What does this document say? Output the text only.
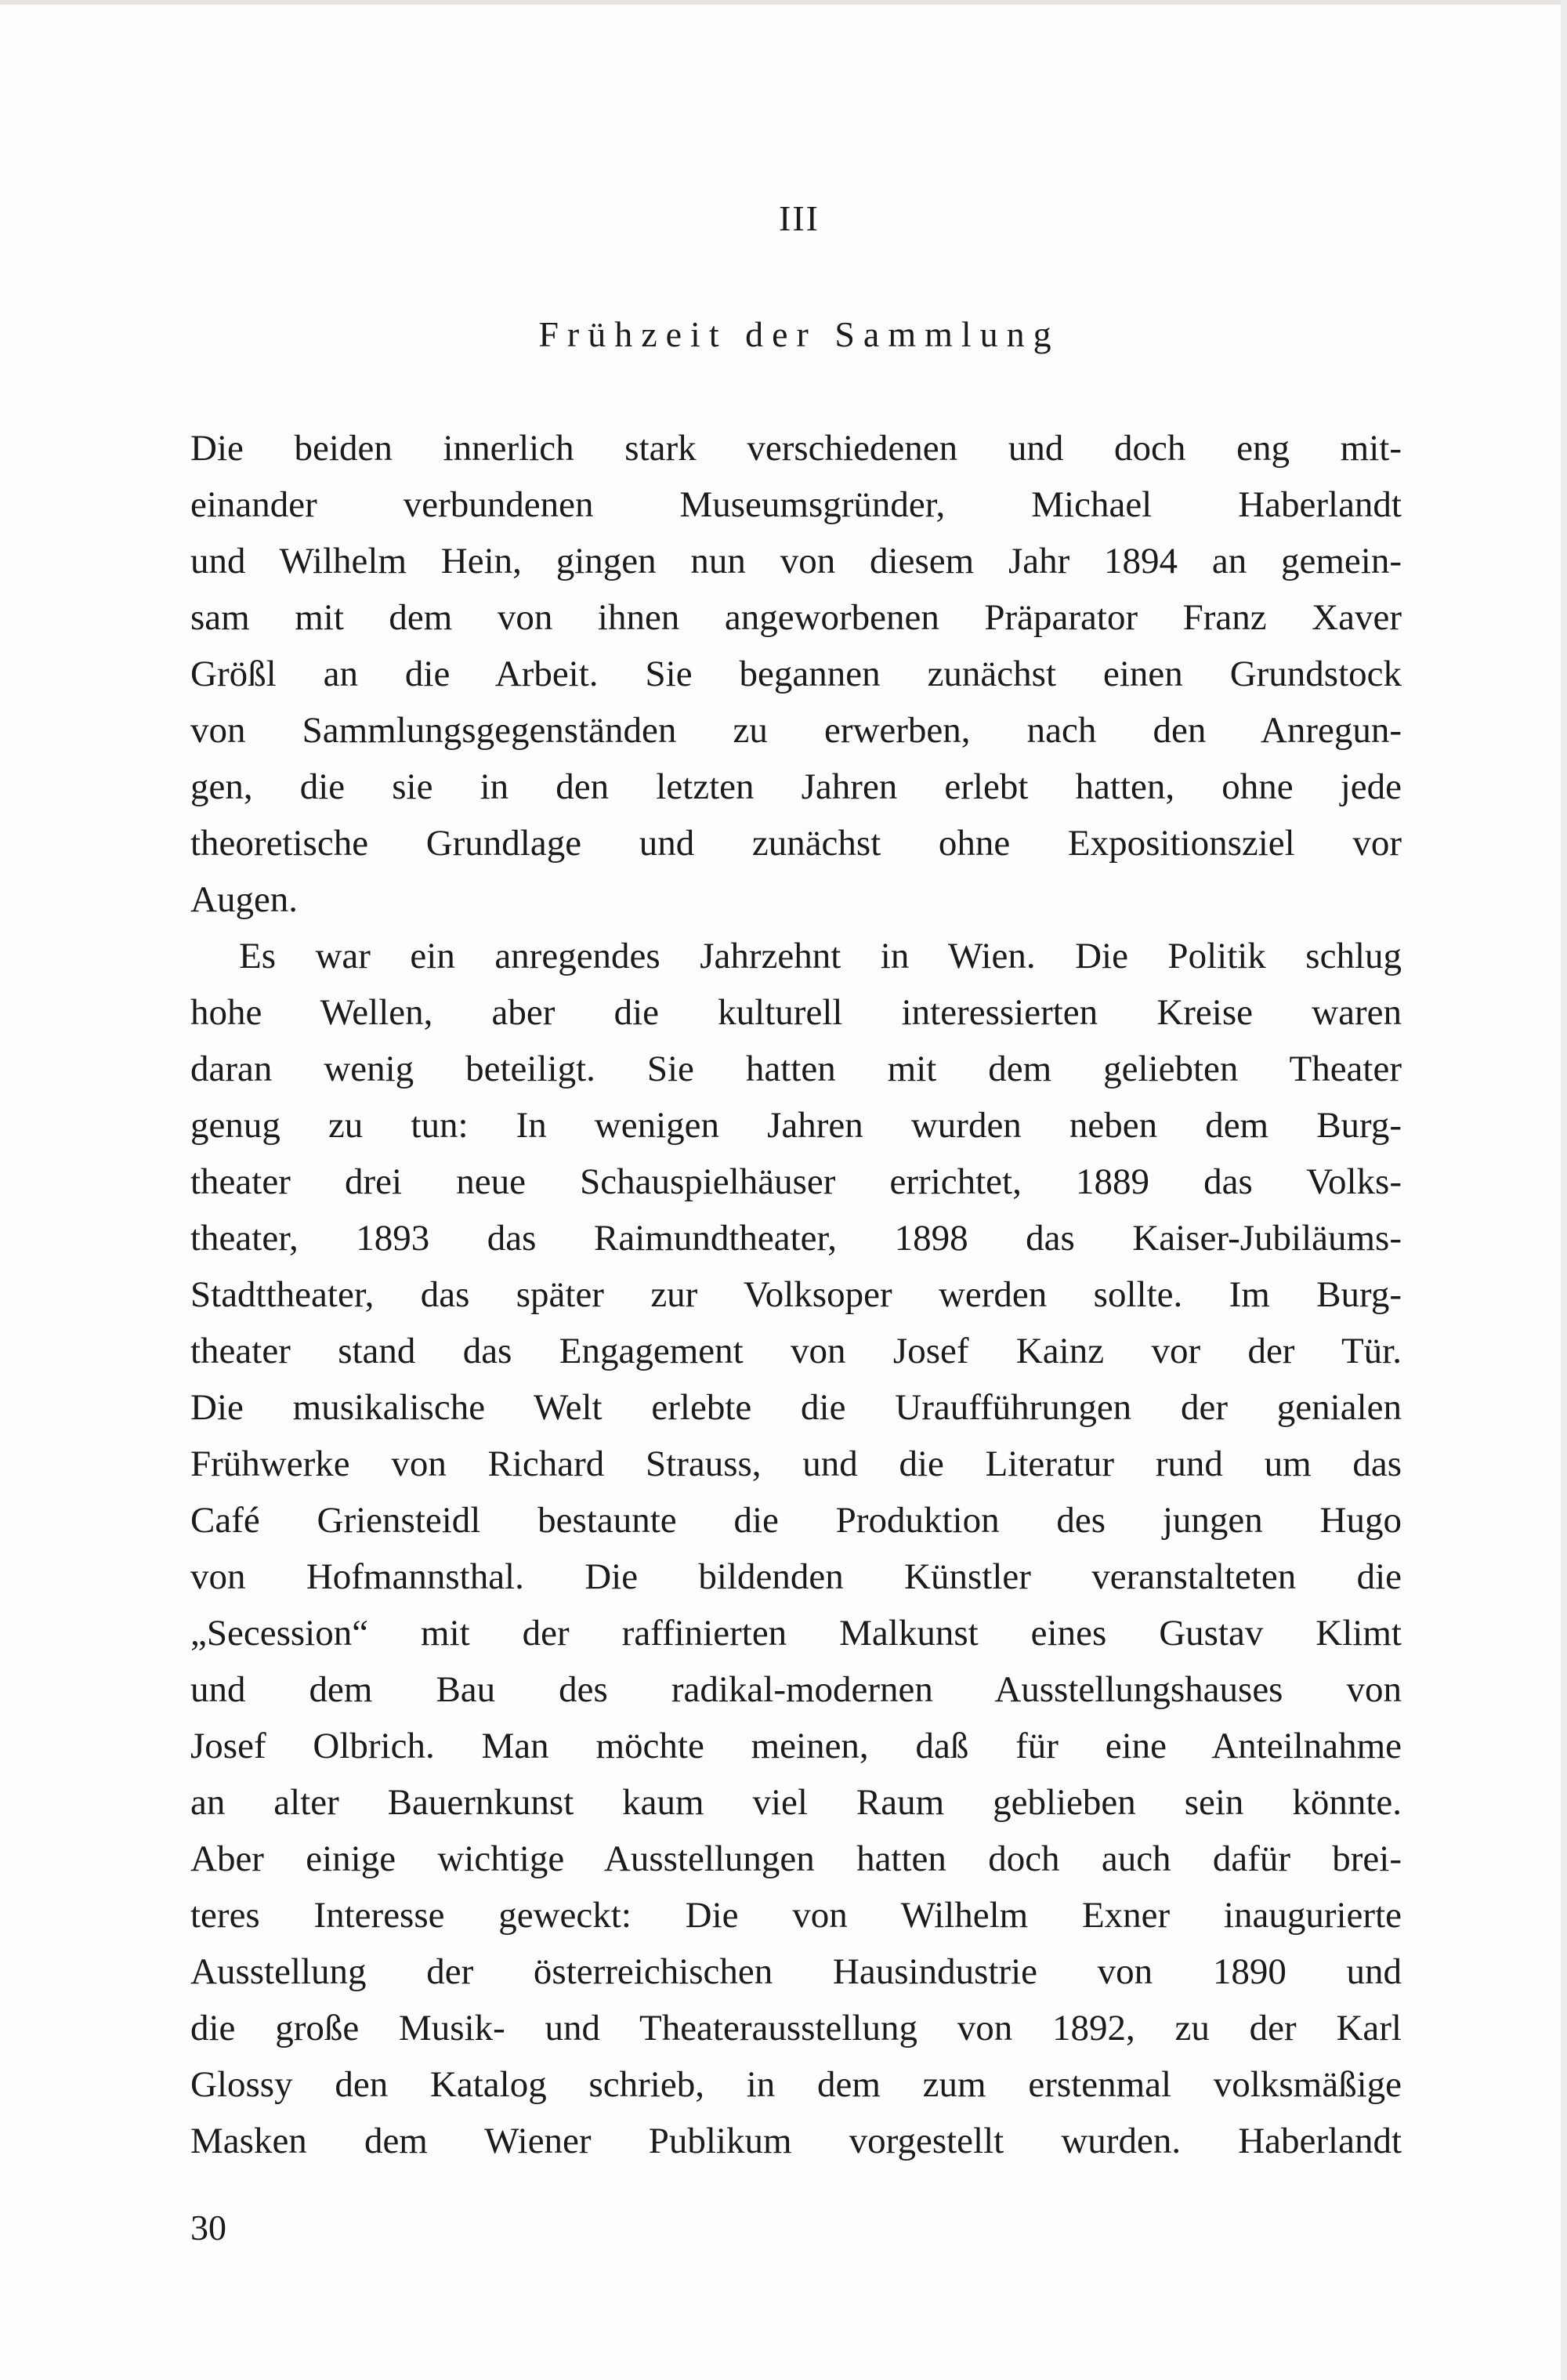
III
Frühzeit der Sammlung
Die beiden innerlich stark verschiedenen und doch eng mit-
einander verbundenen Museumsgründer, Michael Haberlandt
und Wilhelm Hein, gingen nun von diesem Jahr 1894 an gemein-
sam mit dem von ihnen angeworbenen Präparator Franz Xaver
Größl an die Arbeit. Sie begannen zunächst einen Grundstock
von Sammlungsgegenständen zu erwerben, nach den Anregun-
gen, die sie in den letzten Jahren erlebt hatten, ohne jede
theoretische Grundlage und zunächst ohne Expositionsziel vor
Augen.
Es war ein anregendes Jahrzehnt in Wien. Die Politik schlug
hohe Wellen, aber die kulturell interessierten Kreise waren
daran wenig beteiligt. Sie hatten mit dem geliebten Theater
genug zu tun: In wenigen Jahren wurden neben dem Burg-
theater drei neue Schauspielhäuser errichtet, 1889 das Volks-
theater, 1893 das Raimundtheater, 1898 das Kaiser-Jubiläums-
Stadttheater, das später zur Volksoper werden sollte. Im Burg-
theater stand das Engagement von Josef Kainz vor der Tür.
Die musikalische Welt erlebte die Uraufführungen der genialen
Frühwerke von Richard Strauss, und die Literatur rund um das
Café Griensteidl bestaunte die Produktion des jungen Hugo
von Hofmannsthal. Die bildenden Künstler veranstalteten die
„Secession“ mit der raffinierten Malkunst eines Gustav Klimt
und dem Bau des radikal-modernen Ausstellungshauses von
Josef Olbrich. Man möchte meinen, daß für eine Anteilnahme
an alter Bauernkunst kaum viel Raum geblieben sein könnte.
Aber einige wichtige Ausstellungen hatten doch auch dafür brei-
teres Interesse geweckt: Die von Wilhelm Exner inaugurierte
Ausstellung der österreichischen Hausindustrie von 1890 und
die große Musik- und Theaterausstellung von 1892, zu der Karl
Glossy den Katalog schrieb, in dem zum erstenmal volksmäßige
Masken dem Wiener Publikum vorgestellt wurden. Haberlandt
30
